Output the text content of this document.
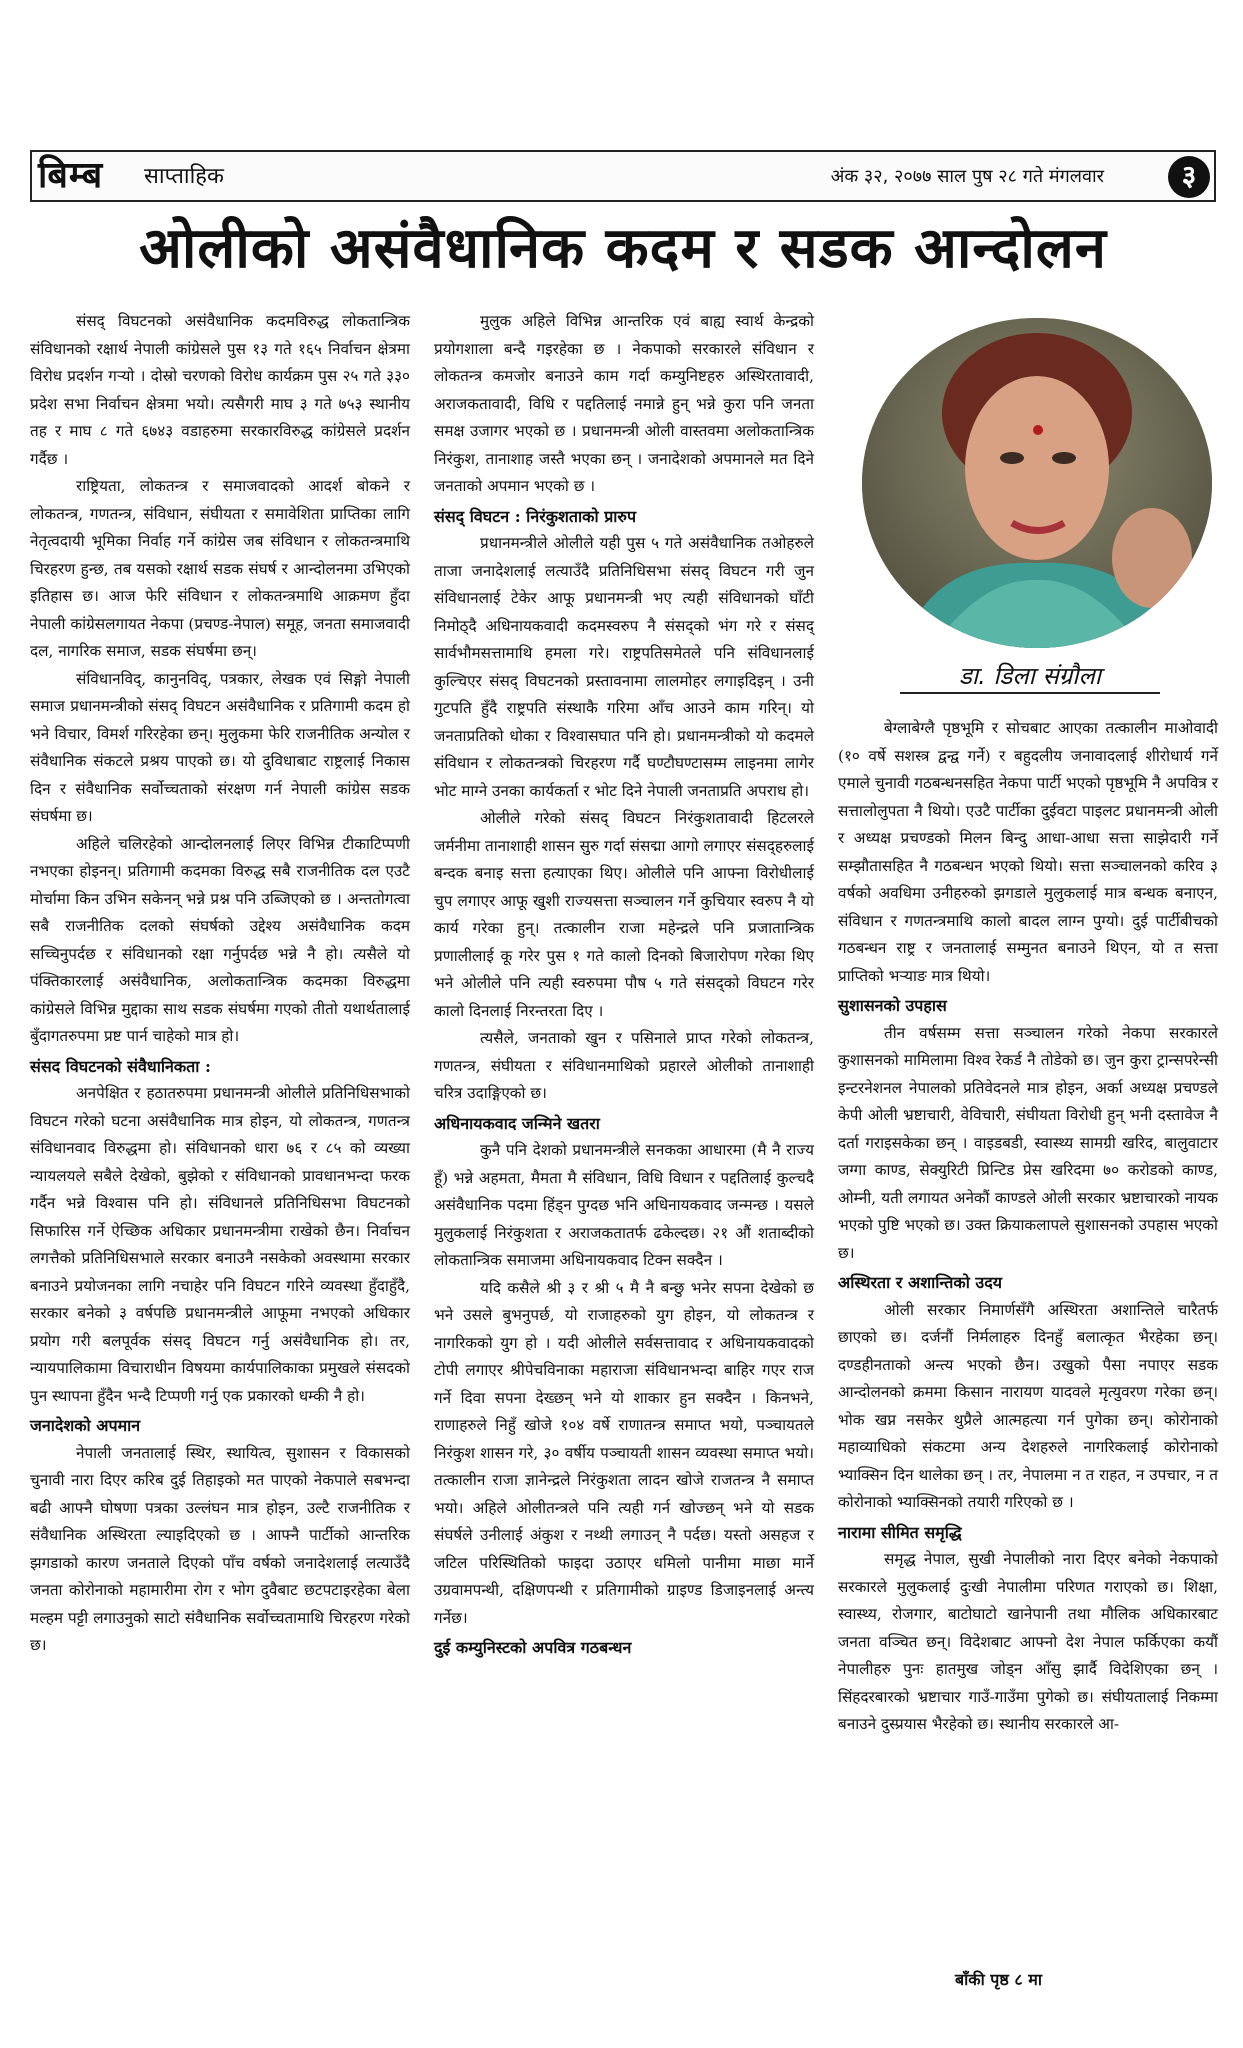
बिम्ब साप्ताहिक	अंक ३२, २०७७ साल पुष २८ गते मंगलवार	३
ओलीको असंवैधानिक कदम र सडक आन्दोलन

संसद् विघटनको असंवैधानिक कदमविरुद्ध लोकतान्त्रिक संविधानको रक्षार्थ नेपाली कांग्रेसले पुस १३ गते १६५ निर्वाचन क्षेत्रमा विरोध प्रदर्शन गऱ्यो । दोस्रो चरणको विरोध कार्यक्रम पुस २५ गते ३३० प्रदेश सभा निर्वाचन क्षेत्रमा भयो। त्यसैगरी माघ ३ गते ७५३ स्थानीय तह र माघ ८ गते ६७४३ वडाहरुमा सरकारविरुद्ध कांग्रेसले प्रदर्शन गर्दैछ ।

राष्ट्रियता, लोकतन्त्र र समाजवादको आदर्श बोकने र लोकतन्त्र, गणतन्त्र, संविधान, संघीयता र समावेशिता प्राप्तिका लागि नेतृत्वदायी भूमिका निर्वाह गर्ने कांग्रेस जब संविधान र लोकतन्त्रमाथि चिरहरण हुन्छ, तब यसको रक्षार्थ सडक संघर्ष र आन्दोलनमा उभिएको इतिहास छ। आज फेरि संविधान र लोकतन्त्रमाथि आक्रमण हुँदा नेपाली कांग्रेसलगायत नेकपा (प्रचण्ड-नेपाल) समूह, जनता समाजवादी दल, नागरिक समाज, सडक संघर्षमा छन्।

संविधानविद्, कानुनविद्, पत्रकार, लेखक एवं सिङ्गो नेपाली समाज प्रधानमन्त्रीको संसद् विघटन असंवैधानिक र प्रतिगामी कदम हो भने विचार, विमर्श गरिरहेका छन्। मुलुकमा फेरि राजनीतिक अन्योल र संवैधानिक संकटले प्रश्रय पाएको छ। यो दुविधाबाट राष्ट्रलाई निकास दिन र संवैधानिक सर्वोच्चताको संरक्षण गर्न नेपाली कांग्रेस सडक संघर्षमा छ।

अहिले चलिरहेको आन्दोलनलाई लिएर विभिन्न टीकाटिप्पणी नभएका होइनन्। प्रतिगामी कदमका विरुद्ध सबै राजनीतिक दल एउटै मोर्चामा किन उभिन सकेनन् भन्ने प्रश्न पनि उब्जिएको छ । अन्ततोगत्वा सबै राजनीतिक दलको संघर्षको उद्देश्य असंवैधानिक कदम सच्चिनुपर्दछ र संविधानको रक्षा गर्नुपर्दछ भन्ने नै हो। त्यसैले यो पंक्तिकारलाई असंवैधानिक, अलोकतान्त्रिक कदमका विरुद्धमा कांग्रेसले विभिन्न मुद्दाका साथ सडक संघर्षमा गएको तीतो यथार्थतालाई बुँदागतरुपमा प्रष्ट पार्न चाहेको मात्र हो।

संसद विघटनको संवैधानिकता :

अनपेक्षित र हठातरुपमा प्रधानमन्त्री ओलीले प्रतिनिधिसभाको विघटन गरेको घटना असंवैधानिक मात्र होइन, यो लोकतन्त्र, गणतन्त्र संविधानवाद विरुद्धमा हो। संविधानको धारा ७६ र ८५ को व्यख्या न्यायलयले सबैले देखेको, बुझेको र संविधानको प्रावधानभन्दा फरक गर्दैन भन्ने विश्वास पनि हो। संविधानले प्रतिनिधिसभा विघटनको सिफारिस गर्ने ऐच्छिक अधिकार प्रधानमन्त्रीमा राखेको छैन। निर्वाचन लगत्तैको प्रतिनिधिसभाले सरकार बनाउनै नसकेको अवस्थामा सरकार बनाउने प्रयोजनका लागि नचाहेर पनि विघटन गरिने व्यवस्था हुँदाहुँदै, सरकार बनेको ३ वर्षपछि प्रधानमन्त्रीले आफूमा नभएको अधिकार प्रयोग गरी बलपूर्वक संसद् विघटन गर्नु असंवैधानिक हो। तर, न्यायपालिकामा विचाराधीन विषयमा कार्यपालिकाका प्रमुखले संसदको पुन स्थापना हुँदैन भन्दै टिप्पणी गर्नु एक प्रकारको धम्की नै हो।

जनादेशको अपमान

नेपाली जनतालाई स्थिर, स्थायित्व, सुशासन र विकासको चुनावी नारा दिएर करिब दुई तिहाइको मत पाएको नेकपाले सबभन्दा बढी आफ्नै घोषणा पत्रका उल्लंघन मात्र होइन, उल्टै राजनीतिक र संवैधानिक अस्थिरता ल्याइदिएको छ । आफ्नै पार्टीको आन्तरिक झगडाको कारण जनताले दिएको पाँच वर्षको जनादेशलाई लत्याउँदै जनता कोरोनाको महामारीमा रोग र भोग दुवैबाट छटपटाइरहेका बेला मल्हम पट्टी लगाउनुको साटो संवैधानिक सर्वोच्चतामाथि चिरहरण गरेको छ।

मुलुक अहिले विभिन्न आन्तरिक एवं बाह्य स्वार्थ केन्द्रको प्रयोगशाला बन्दै गइरहेका छ । नेकपाको सरकारले संविधान र लोकतन्त्र कमजोर बनाउने काम गर्दा कम्युनिष्टहरु अस्थिरतावादी, अराजकतावादी, विधि र पद्दतिलाई नमान्ने हुन् भन्ने कुरा पनि जनता समक्ष उजागर भएको छ । प्रधानमन्त्री ओली वास्तवमा अलोकतान्त्रिक निरंकुश, तानाशाह जस्तै भएका छन् । जनादेशको अपमानले मत दिने जनताको अपमान भएको छ ।

संसद् विघटन : निरंकुशताको प्रारुप

प्रधानमन्त्रीले ओलीले यही पुस ५ गते असंवैधानिक तओहरुले ताजा जनादेशलाई लत्याउँदै प्रतिनिधिसभा संसद् विघटन गरी जुन संविधानलाई टेकेर आफू प्रधानमन्त्री भए त्यही संविधानको घाँटी निमोठ्दै अधिनायकवादी कदमस्वरुप नै संसद्को भंग गरे र संसद् सार्वभौमसत्तामाथि हमला गरे। राष्ट्रपतिसमेतले पनि संविधानलाई कुल्चिएर संसद् विघटनको प्रस्तावनामा लालमोहर लगाइदिइन् । उनी गुटपति हुँदै राष्ट्रपति संस्थाकै गरिमा आँच आउने काम गरिन्। यो जनताप्रतिको धोका र विश्वासघात पनि हो। प्रधानमन्त्रीको यो कदमले संविधान र लोकतन्त्रको चिरहरण गर्दै घण्टौघण्टासम्म लाइनमा लागेर भोट माग्ने उनका कार्यकर्ता र भोट दिने नेपाली जनताप्रति अपराध हो।

ओलीले गरेको संसद् विघटन निरंकुशतावादी हिटलरले जर्मनीमा तानाशाही शासन सुरु गर्दा संसद्मा आगो लगाएर संसद्हरुलाई बन्दक बनाइ सत्ता हत्याएका थिए। ओलीले पनि आफ्ना विरोधीलाई चुप लगाएर आफू खुशी राज्यसत्ता सञ्चालन गर्ने कुचियार स्वरुप नै यो कार्य गरेका हुन्। तत्कालीन राजा महेन्द्रले पनि प्रजातान्त्रिक प्रणालीलाई कू गरेर पुस १ गते कालो दिनको बिजारोपण गरेका थिए भने ओलीले पनि त्यही स्वरुपमा पौष ५ गते संसद्को विघटन गरेर कालो दिनलाई निरन्तरता दिए ।

त्यसैले, जनताको खुन र पसिनाले प्राप्त गरेको लोकतन्त्र, गणतन्त्र, संघीयता र संविधानमाथिको प्रहारले ओलीको तानाशाही चरित्र उदाङ्गिएको छ।

अधिनायकवाद जन्मिने खतरा

कुनै पनि देशको प्रधानमन्त्रीले सनकका आधारमा (मै नै राज्य हूँ) भन्ने अहमता, मैमता मै संविधान, विधि विधान र पद्दतिलाई कुल्चदै असंवैधानिक पदमा हिंड्न पुग्दछ भनि अधिनायकवाद जन्मन्छ । यसले मुलुकलाई निरंकुशता र अराजकतातर्फ ढकेल्दछ। २१ औं शताब्दीको लोकतान्त्रिक समाजमा अधिनायकवाद टिक्न सक्दैन ।

यदि कसैले श्री ३ र श्री ५ मै नै बन्छु भनेर सपना देखेको छ भने उसले बुभनुपर्छ, यो राजाहरुको युग होइन, यो लोकतन्त्र र नागरिकको युग हो । यदी ओलीले सर्वसत्तावाद र अधिनायकवादको टोपी लगाएर श्रीपेचविनाका महाराजा संविधानभन्दा बाहिर गएर राज गर्ने दिवा सपना देख्छन् भने यो शाकार हुन सक्दैन । किनभने, राणाहरुले निहुँ खोजे १०४ वर्षे राणातन्त्र समाप्त भयो, पञ्चायतले निरंकुश शासन गरे, ३० वर्षीय पञ्चायती शासन व्यवस्था समाप्त भयो। तत्कालीन राजा ज्ञानेन्द्रले निरंकुशता लादन खोजे राजतन्त्र नै समाप्त भयो। अहिले ओलीतन्त्रले पनि त्यही गर्न खोज्छन् भने यो सडक संघर्षले उनीलाई अंकुश र नथ्थी लगाउन् नै पर्दछ। यस्तो असहज र जटिल परिस्थितिको फाइदा उठाएर धमिलो पानीमा माछा मार्ने उग्रवामपन्थी, दक्षिणपन्थी र प्रतिगामीको ग्राइण्ड डिजाइनलाई अन्त्य गर्नेछ।

दुई कम्युनिस्टको अपवित्र गठबन्धन
डा. डिला संग्रौला

बेग्लाबेग्लै पृष्ठभूमि र सोचबाट आएका तत्कालीन माओवादी (१० वर्षे सशस्त्र द्वन्द्व गर्ने) र बहुदलीय जनावादलाई शीरोधार्य गर्ने एमाले चुनावी गठबन्धनसहित नेकपा पार्टी भएको पृष्ठभूमि नै अपवित्र र सत्तालोलुपता नै थियो। एउटै पार्टीका दुईवटा पाइलट प्रधानमन्त्री ओली र अध्यक्ष प्रचण्डको मिलन बिन्दु आधा-आधा सत्ता साझेदारी गर्ने सम्झौतासहित नै गठबन्धन भएको थियो। सत्ता सञ्चालनको करिव ३ वर्षको अवधिमा उनीहरुको झगडाले मुलुकलाई मात्र बन्धक बनाएन, संविधान र गणतन्त्रमाथि कालो बादल लाग्न पुग्यो। दुई पार्टीबीचको गठबन्धन राष्ट्र र जनतालाई सम्मुनत बनाउने थिएन, यो त सत्ता प्राप्तिको भऱ्याङ मात्र थियो।

सुशासनको उपहास

तीन वर्षसम्म सत्ता सञ्चालन गरेको नेकपा सरकारले कुशासनको मामिलामा विश्व रेकर्ड नै तोडेको छ। जुन कुरा ट्रान्सपरेन्सी इन्टरनेशनल नेपालको प्रतिवेदनले मात्र होइन, अर्का अध्यक्ष प्रचण्डले केपी ओली भ्रष्टाचारी, वेविचारी, संघीयता विरोधी हुन् भनी दस्तावेज नै दर्ता गराइसकेका छन् । वाइडबडी, स्वास्थ्य सामग्री खरिद, बालुवाटार जग्गा काण्ड, सेक्युरिटी प्रिन्टिड प्रेस खरिदमा ७० करोडको काण्ड, ओम्नी, यती लगायत अनेकौं काण्डले ओली सरकार भ्रष्टाचारको नायक भएको पुष्टि भएको छ। उक्त क्रियाकलापले सुशासनको उपहास भएको छ।

अस्थिरता र अशान्तिको उदय

ओली सरकार निमार्णसँगै अस्थिरता अशान्तिले चारैतर्फ छाएको छ। दर्जनौं निर्मलाहरु दिनहुँ बलात्कृत भैरहेका छन्। दण्डहीनताको अन्त्य भएको छैन। उखुको पैसा नपाएर सडक आन्दोलनको क्रममा किसान नारायण यादवले मृत्युवरण गरेका छन्। भोक खप्न नसकेर थुप्रैले आत्महत्या गर्न पुगेका छन्। कोरोनाको महाव्याधिको संकटमा अन्य देशहरुले नागरिकलाई कोरोनाको भ्याक्सिन दिन थालेका छन् । तर, नेपालमा न त राहत, न उपचार, न त कोरोनाको भ्याक्सिनको तयारी गरिएको छ ।

नारामा सीमित समृद्धि

समृद्ध नेपाल, सुखी नेपालीको नारा दिएर बनेको नेकपाको सरकारले मुलुकलाई दुःखी नेपालीमा परिणत गराएको छ। शिक्षा, स्वास्थ्य, रोजगार, बाटोघाटो खानेपानी तथा मौलिक अधिकारबाट जनता वञ्चित छन्। विदेशबाट आफ्नो देश नेपाल फर्किएका कयौं नेपालीहरु पुनः हातमुख जोड्न आँसु झार्दै विदेशिएका छन् । सिंहदरबारको भ्रष्टाचार गाउँ-गाउँमा पुगेको छ। संघीयतालाई निकम्मा बनाउने दुस्प्रयास भैरहेको छ। स्थानीय सरकारले आ-

बाँकी पृष्ठ ८ मा
